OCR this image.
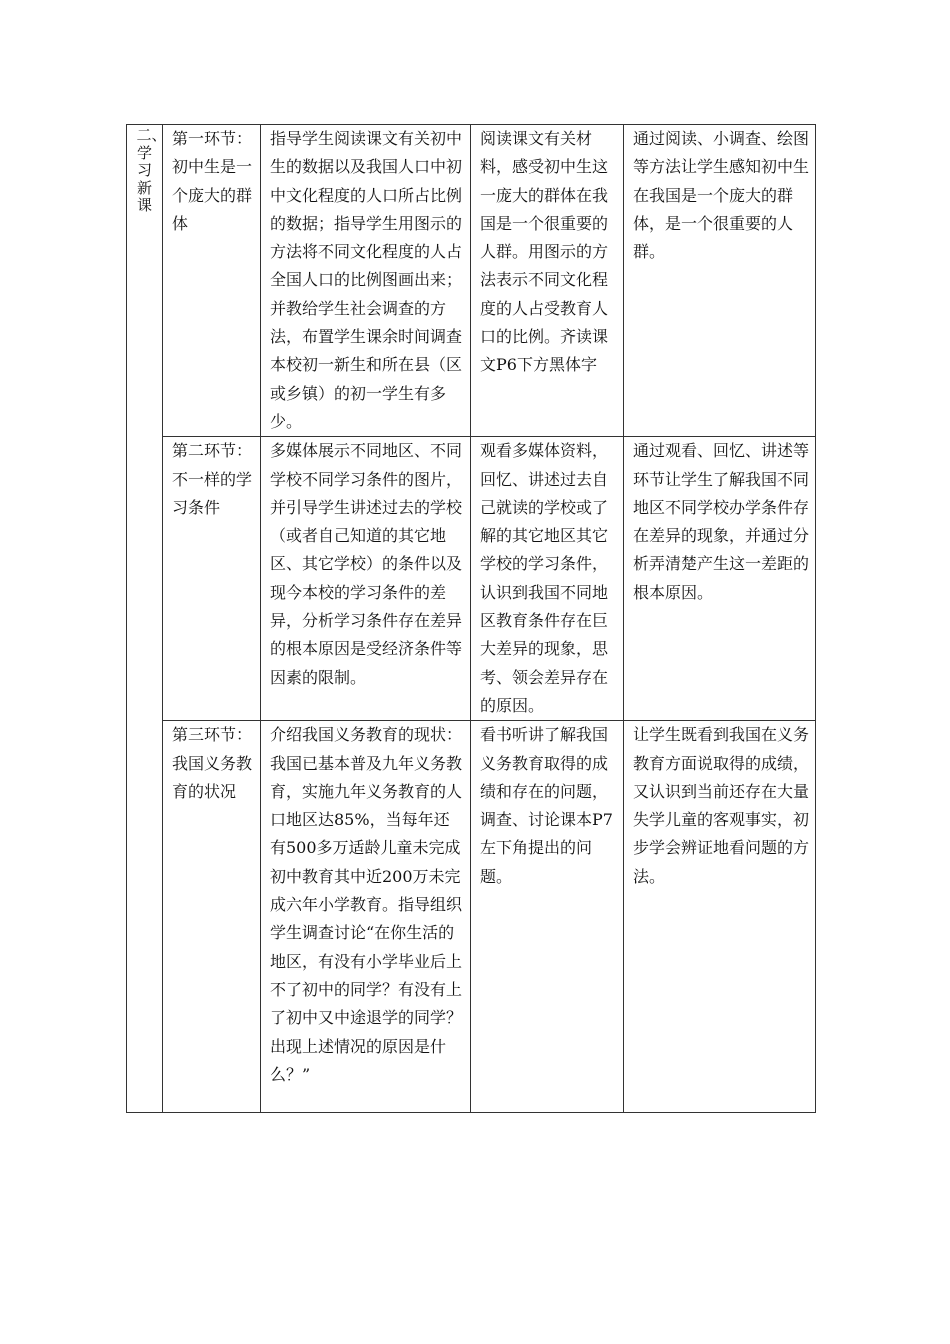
二、学习新课	第一环节：初中生是一个庞大的群体	指导学生阅读课文有关初中生的数据以及我国人口中初中文化程度的人口所占比例的数据；指导学生用图示的方法将不同文化程度的人占全国人口的比例图画出来；并教给学生社会调查的方法，布置学生课余时间调查本校初一新生和所在县（区或乡镇）的初一学生有多少。	阅读课文有关材料，感受初中生这一庞大的群体在我国是一个很重要的人群。用图示的方法表示不同文化程度的人占受教育人口的比例。齐读课文P6下方黑体字	通过阅读、小调查、绘图等方法让学生感知初中生在我国是一个庞大的群体，是一个很重要的人群。

	第二环节：不一样的学习条件	多媒体展示不同地区、不同学校不同学习条件的图片，并引导学生讲述过去的学校（或者自己知道的其它地区、其它学校）的条件以及现今本校的学习条件的差异，分析学习条件存在差异的根本原因是受经济条件等因素的限制。	观看多媒体资料，回忆、讲述过去自己就读的学校或了解的其它地区其它学校的学习条件，认识到我国不同地区教育条件存在巨大差异的现象，思考、领会差异存在的原因。	通过观看、回忆、讲述等环节让学生了解我国不同地区不同学校办学条件存在差异的现象，并通过分析弄清楚产生这一差距的根本原因。

	第三环节：我国义务教育的状况	介绍我国义务教育的现状：我国已基本普及九年义务教育，实施九年义务教育的人口地区达85%，当每年还有500多万适龄儿童未完成初中教育其中近200万未完成六年小学教育。指导组织学生调查讨论“在你生活的地区，有没有小学毕业后上不了初中的同学？有没有上了初中又中途退学的同学？出现上述情况的原因是什么？”	看书听讲了解我国义务教育取得的成绩和存在的问题，调查、讨论课本P7左下角提出的问题。	让学生既看到我国在义务教育方面说取得的成绩，又认识到当前还存在大量失学儿童的客观事实，初步学会辨证地看问题的方法。
